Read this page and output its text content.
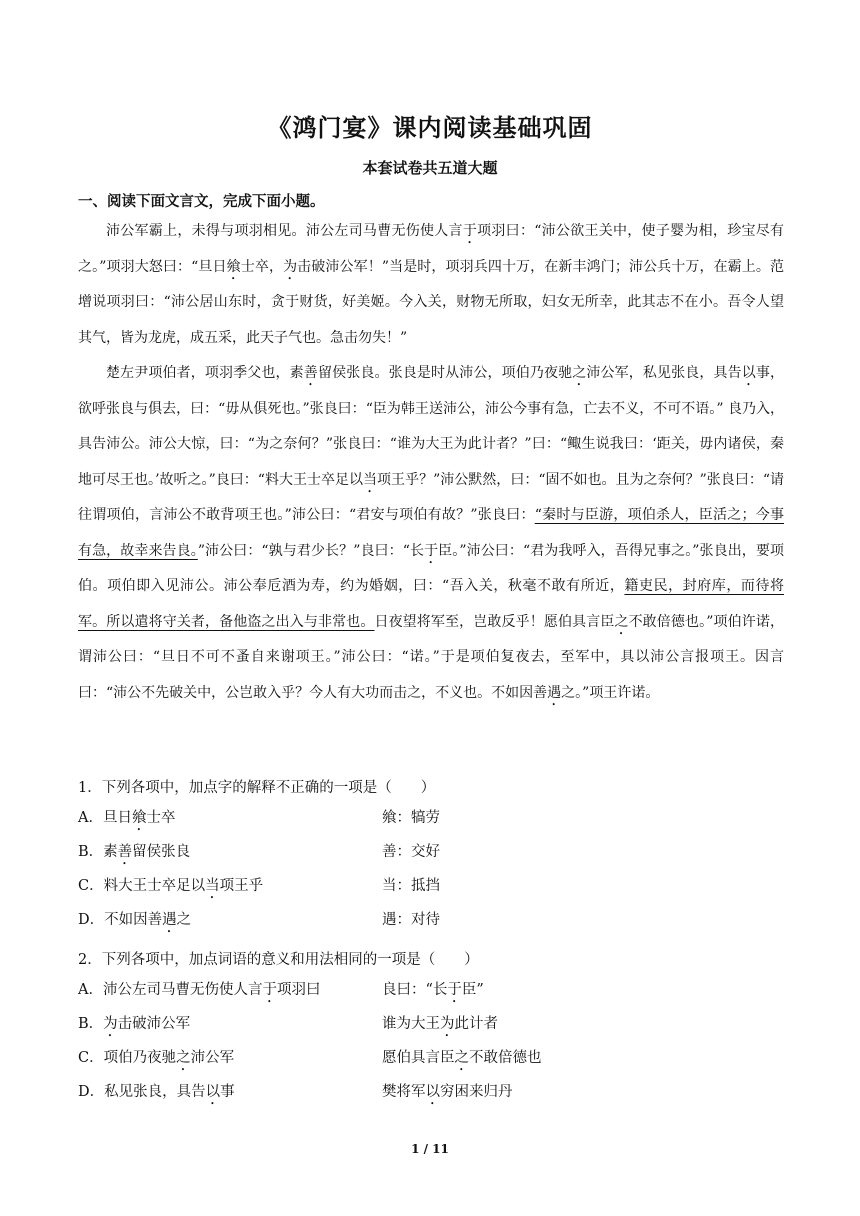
《鸿门宴》课内阅读基础巩固
本套试卷共五道大题
一、阅读下面文言文，完成下面小题。

沛公军霸上，未得与项羽相见。沛公左司马曹无伤使人言于项羽曰：“沛公欲王关中，使子婴为相，珍宝尽有之。”项羽大怒曰：“旦日飨士卒，为击破沛公军！”当是时，项羽兵四十万，在新丰鸿门；沛公兵十万，在霸上。范增说项羽曰：“沛公居山东时，贪于财货，好美姬。今入关，财物无所取，妇女无所幸，此其志不在小。吾令人望其气，皆为龙虎，成五采，此天子气也。急击勿失！”

楚左尹项伯者，项羽季父也，素善留侯张良。张良是时从沛公，项伯乃夜驰之沛公军，私见张良，具告以事，欲呼张良与俱去，曰：“毋从俱死也。”张良曰：“臣为韩王送沛公，沛公今事有急，亡去不义，不可不语。” 良乃入，具告沛公。沛公大惊，曰：“为之奈何？”张良曰：“谁为大王为此计者？”曰：“鲰生说我曰：‘距关，毋内诸侯，秦地可尽王也。’故听之。”良曰：“料大王士卒足以当项王乎？”沛公默然，曰：“固不如也。且为之奈何？”张良曰：“请往谓项伯，言沛公不敢背项王也。”沛公曰：“君安与项伯有故？”张良曰：“秦时与臣游，项伯杀人，臣活之；今事有急，故幸来告良。”沛公曰：“孰与君少长？”良曰：“长于臣。”沛公曰：“君为我呼入，吾得兄事之。”张良出，要项伯。项伯即入见沛公。沛公奉卮酒为寿，约为婚姻，曰：“吾入关，秋毫不敢有所近，籍吏民，封府库，而待将军。所以遣将守关者，备他盗之出入与非常也。日夜望将军至，岂敢反乎！愿伯具言臣之不敢倍德也。”项伯许诺，谓沛公曰：“旦日不可不蚤自来谢项王。”沛公曰：“诺。”于是项伯复夜去，至军中，具以沛公言报项王。因言曰：“沛公不先破关中，公岂敢入乎？今人有大功而击之，不义也。不如因善遇之。”项王许诺。

1．下列各项中，加点字的解释不正确的一项是（　　）
A．旦日飨士卒	飨：犒劳
B．素善留侯张良	善：交好
C．料大王士卒足以当项王乎	当：抵挡
D．不如因善遇之	遇：对待
2．下列各项中，加点词语的意义和用法相同的一项是（　　）
A．沛公左司马曹无伤使人言于项羽曰	良曰：“长于臣”
B．为击破沛公军	谁为大王为此计者
C．项伯乃夜驰之沛公军	愿伯具言臣之不敢倍德也
D．私见张良，具告以事	樊将军以穷困来归丹
1 / 11
